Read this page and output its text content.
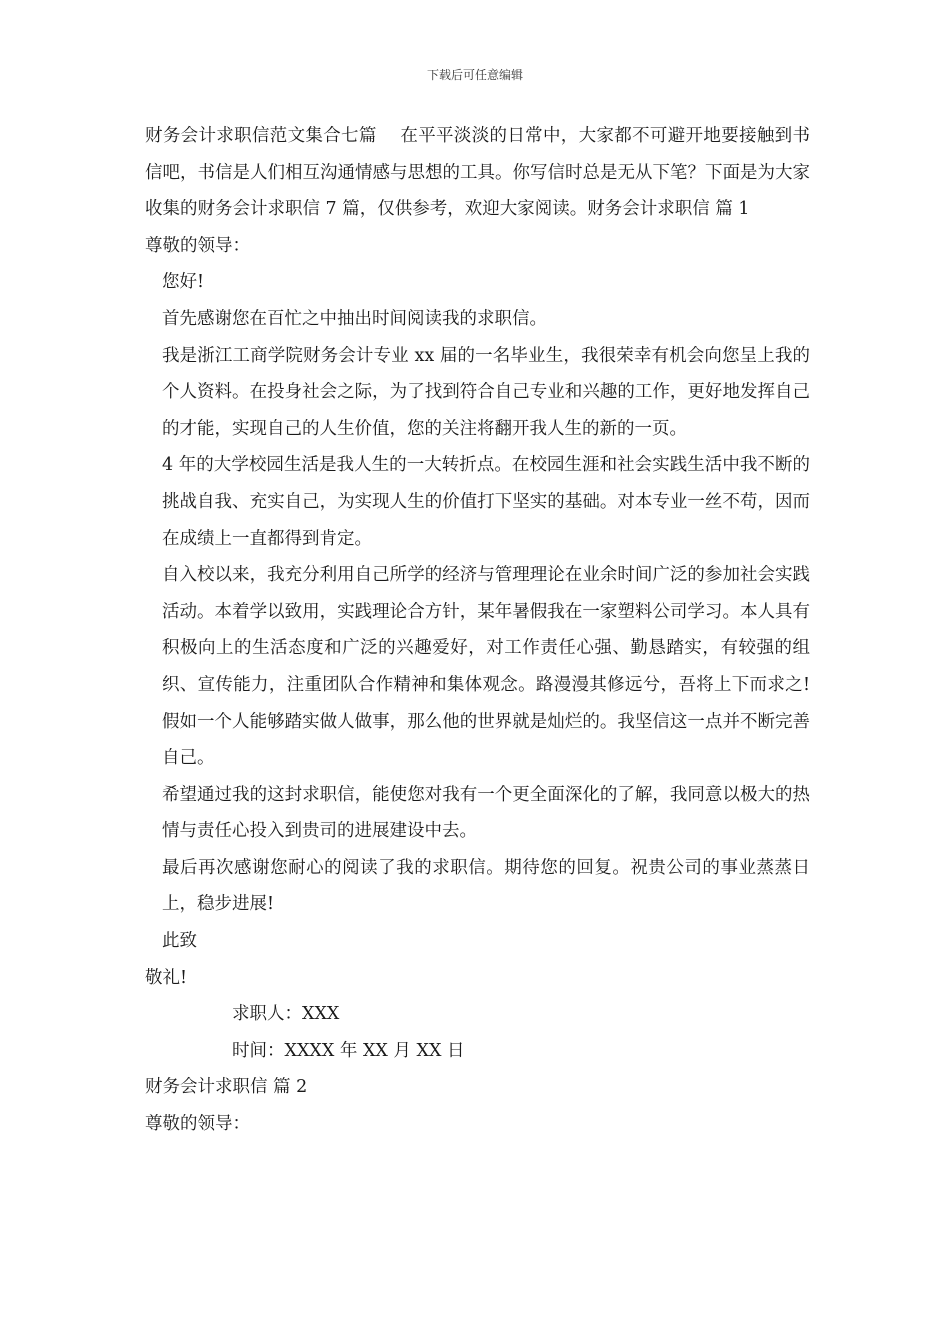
下载后可任意编辑

财务会计求职信范文集合七篇　 在平平淡淡的日常中，大家都不可避开地要接触到书信吧，书信是人们相互沟通情感与思想的工具。你写信时总是无从下笔？下面是为大家收集的财务会计求职信 7 篇，仅供参考，欢迎大家阅读。财务会计求职信 篇 1

尊敬的领导：

您好!

首先感谢您在百忙之中抽出时间阅读我的求职信。

我是浙江工商学院财务会计专业 xx 届的一名毕业生，我很荣幸有机会向您呈上我的个人资料。在投身社会之际，为了找到符合自己专业和兴趣的工作，更好地发挥自己的才能，实现自己的人生价值，您的关注将翻开我人生的新的一页。

4 年的大学校园生活是我人生的一大转折点。在校园生涯和社会实践生活中我不断的挑战自我、充实自己，为实现人生的价值打下坚实的基础。对本专业一丝不苟，因而在成绩上一直都得到肯定。

自入校以来，我充分利用自己所学的经济与管理理论在业余时间广泛的参加社会实践活动。本着学以致用，实践理论合方针，某年暑假我在一家塑料公司学习。本人具有积极向上的生活态度和广泛的兴趣爱好，对工作责任心强、勤恳踏实，有较强的组织、宣传能力，注重团队合作精神和集体观念。路漫漫其修远兮，吾将上下而求之!假如一个人能够踏实做人做事，那么他的世界就是灿烂的。我坚信这一点并不断完善自己。

希望通过我的这封求职信，能使您对我有一个更全面深化的了解，我同意以极大的热情与责任心投入到贵司的进展建设中去。

最后再次感谢您耐心的阅读了我的求职信。期待您的回复。祝贵公司的事业蒸蒸日上，稳步进展!

此致

敬礼!

求职人：XXX

时间：XXXX 年 XX 月 XX 日

财务会计求职信 篇 2

尊敬的领导：
